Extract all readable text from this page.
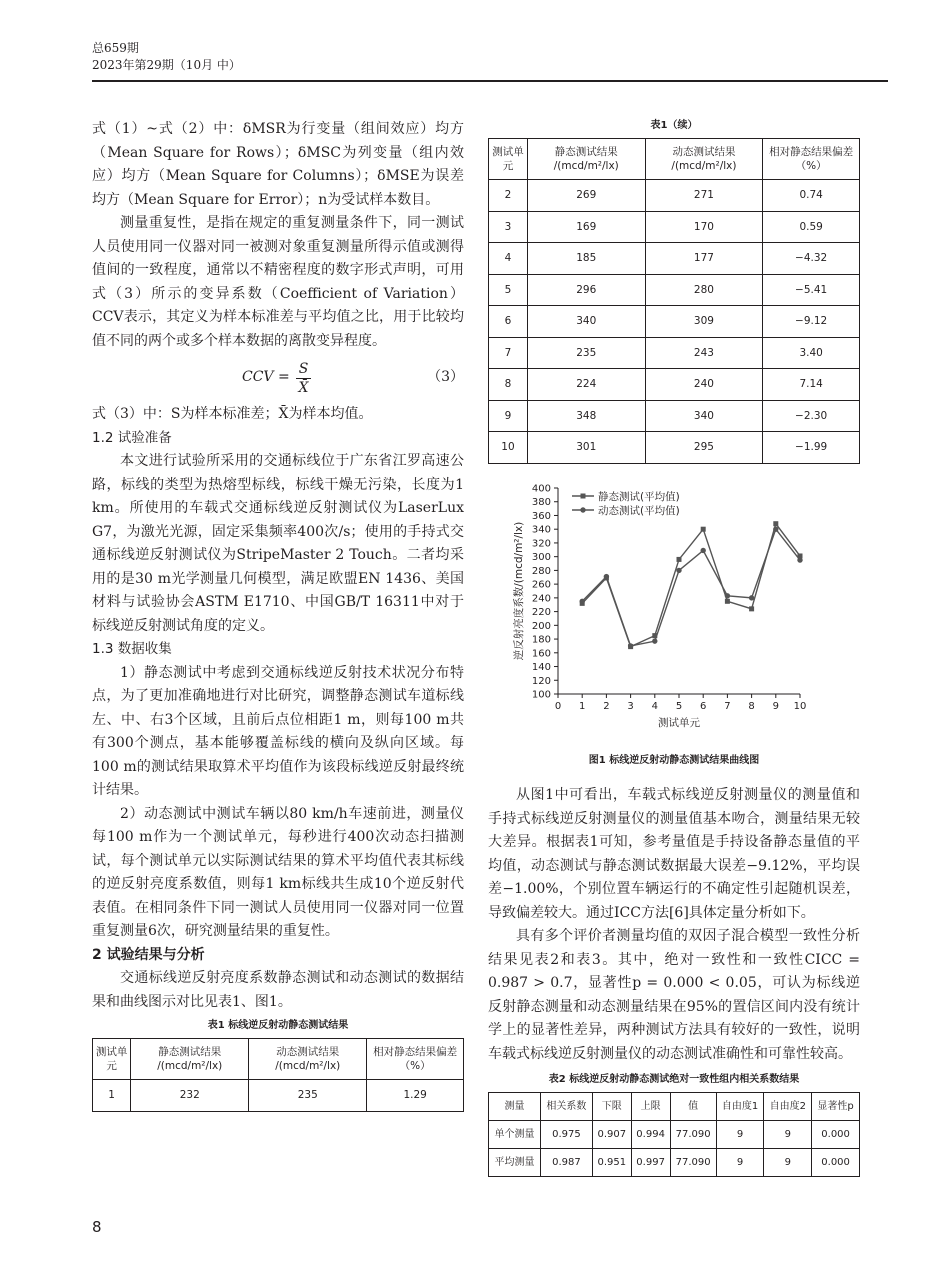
总659期
2023年第29期（10月 中）

式（1）~式（2）中：δMSR为行变量（组间效应）均方（Mean Square for Rows）；δMSC为列变量（组内效应）均方（Mean Square for Columns）；δMSE为误差均方（Mean Square for Error）；n为受试样本数目。

测量重复性，是指在规定的重复测量条件下，同一测试人员使用同一仪器对同一被测对象重复测量所得示值或测得值间的一致程度，通常以不精密程度的数字形式声明，可用式（3）所示的变异系数（Coefficient of Variation）CCV表示，其定义为样本标准差与平均值之比，用于比较均值不同的两个或多个样本数据的离散变异程度。

CCV = $\frac{S}{X̄}$	（3）

式（3）中：S为样本标准差；X̄为样本均值。

1.2 试验准备

本文进行试验所采用的交通标线位于广东省江罗高速公路，标线的类型为热熔型标线，标线干燥无污染，长度为1 km。所使用的车载式交通标线逆反射测试仪为LaserLux G7，为激光光源，固定采集频率400次/s；使用的手持式交通标线逆反射测试仪为StripeMaster 2 Touch。二者均采用的是30 m光学测量几何模型，满足欧盟EN 1436、美国材料与试验协会ASTM E1710、中国GB/T 16311中对于标线逆反射测试角度的定义。

1.3 数据收集

1）静态测试中考虑到交通标线逆反射技术状况分布特点，为了更加准确地进行对比研究，调整静态测试车道标线左、中、右3个区域，且前后点位相距1 m，则每100 m共有300个测点，基本能够覆盖标线的横向及纵向区域。每100 m的测试结果取算术平均值作为该段标线逆反射最终统计结果。

2）动态测试中测试车辆以80 km/h车速前进，测量仪每100 m作为一个测试单元，每秒进行400次动态扫描测试，每个测试单元以实际测试结果的算术平均值代表其标线的逆反射亮度系数值，则每1 km标线共生成10个逆反射代表值。在相同条件下同一测试人员使用同一仪器对同一位置重复测量6次，研究测量结果的重复性。

2 试验结果与分析

交通标线逆反射亮度系数静态测试和动态测试的数据结果和曲线图示对比见表1、图1。

表1 标线逆反射动静态测试结果
测试单元	静态测试结果 /(mcd/m²/lx)	动态测试结果 /(mcd/m²/lx)	相对静态结果偏差（%）
1	232	235	1.29
表1（续）
测试单元	静态测试结果 /(mcd/m²/lx)	动态测试结果 /(mcd/m²/lx)	相对静态结果偏差（%）
2	269	271	0.74
3	169	170	0.59
4	185	177	−4.32
5	296	280	−5.41
6	340	309	−9.12
7	235	243	3.40
8	224	240	7.14
9	348	340	−2.30
10	301	295	−1.99
100
120
140
160
180
200
220
240
260
280
300
320
340
360
380
400
0 1 2 3 4 5 6 7 8 9 10
测试单元
逆反射亮度系数/(mcd/m²/lx)
静态测试(平均值)
动态测试(平均值)
图1 标线逆反射动静态测试结果曲线图

从图1中可看出，车载式标线逆反射测量仪的测量值和手持式标线逆反射测量仪的测量值基本吻合，测量结果无较大差异。根据表1可知，参考量值是手持设备静态量值的平均值，动态测试与静态测试数据最大误差−9.12%，平均误差−1.00%，个别位置车辆运行的不确定性引起随机误差，导致偏差较大。通过ICC方法[6]具体定量分析如下。

具有多个评价者测量均值的双因子混合模型一致性分析结果见表2和表3。其中，绝对一致性和一致性CICC = 0.987 > 0.7，显著性p = 0.000 < 0.05，可认为标线逆反射静态测量和动态测量结果在95%的置信区间内没有统计学上的显著性差异，两种测试方法具有较好的一致性，说明车载式标线逆反射测量仪的动态测试准确性和可靠性较高。

表2 标线逆反射动静态测试绝对一致性组内相关系数结果
测量	相关系数	下限	上限	值	自由度1	自由度2	显著性p
单个测量	0.975	0.907	0.994	77.090	9	9	0.000
平均测量	0.987	0.951	0.997	77.090	9	9	0.000
8
